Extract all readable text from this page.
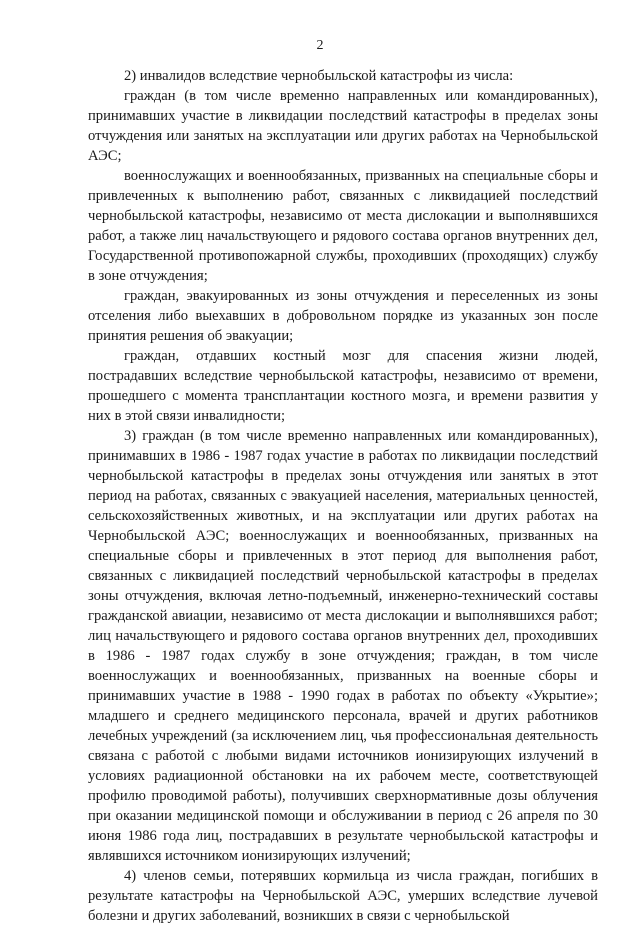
2

2) инвалидов вследствие чернобыльской катастрофы из числа:

граждан (в том числе временно направленных или командированных), принимавших участие в ликвидации последствий катастрофы в пределах зоны отчуждения или занятых на эксплуатации или других работах на Чернобыльской АЭС;

военнослужащих и военнообязанных, призванных на специальные сборы и привлеченных к выполнению работ, связанных с ликвидацией последствий чернобыльской катастрофы, независимо от места дислокации и выполнявшихся работ, а также лиц начальствующего и рядового состава органов внутренних дел, Государственной противопожарной службы, проходивших (проходящих) службу в зоне отчуждения;

граждан, эвакуированных из зоны отчуждения и переселенных из зоны отселения либо выехавших в добровольном порядке из указанных зон после принятия решения об эвакуации;

граждан, отдавших костный мозг для спасения жизни людей, пострадавших вследствие чернобыльской катастрофы, независимо от времени, прошедшего с момента трансплантации костного мозга, и времени развития у них в этой связи инвалидности;

3) граждан (в том числе временно направленных или командированных), принимавших в 1986 - 1987 годах участие в работах по ликвидации последствий чернобыльской катастрофы в пределах зоны отчуждения или занятых в этот период на работах, связанных с эвакуацией населения, материальных ценностей, сельскохозяйственных животных, и на эксплуатации или других работах на Чернобыльской АЭС; военнослужащих и военнообязанных, призванных на специальные сборы и привлеченных в этот период для выполнения работ, связанных с ликвидацией последствий чернобыльской катастрофы в пределах зоны отчуждения, включая летно-подъемный, инженерно-технический составы гражданской авиации, независимо от места дислокации и выполнявшихся работ; лиц начальствующего и рядового состава органов внутренних дел, проходивших в 1986 - 1987 годах службу в зоне отчуждения; граждан, в том числе военнослужащих и военнообязанных, призванных на военные сборы и принимавших участие в 1988 - 1990 годах в работах по объекту «Укрытие»; младшего и среднего медицинского персонала, врачей и других работников лечебных учреждений (за исключением лиц, чья профессиональная деятельность связана с работой с любыми видами источников ионизирующих излучений в условиях радиационной обстановки на их рабочем месте, соответствующей профилю проводимой работы), получивших сверхнормативные дозы облучения при оказании медицинской помощи и обслуживании в период с 26 апреля по 30 июня 1986 года лиц, пострадавших в результате чернобыльской катастрофы и являвшихся источником ионизирующих излучений;

4) членов семьи, потерявших кормильца из числа граждан, погибших в результате катастрофы на Чернобыльской АЭС, умерших вследствие лучевой болезни и других заболеваний, возникших в связи с чернобыльской
